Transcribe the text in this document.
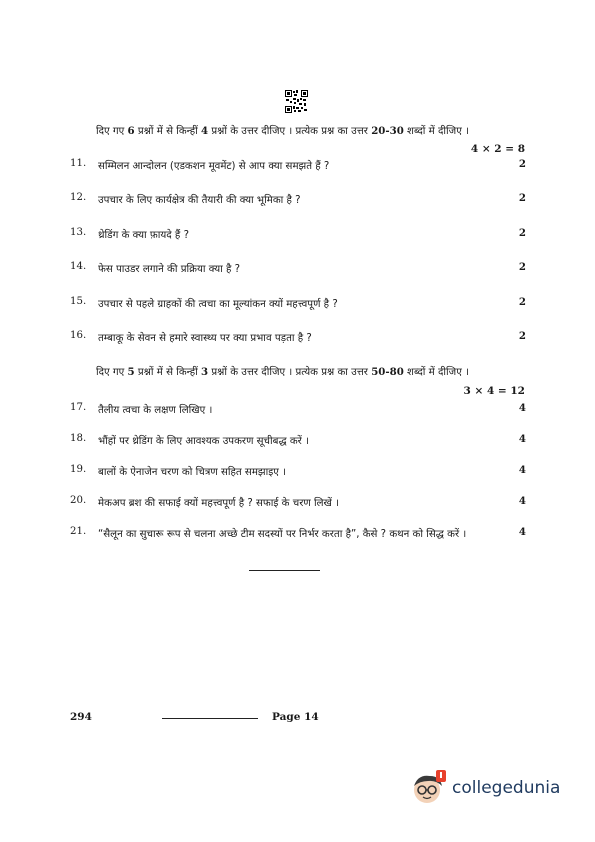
दिए गए 6 प्रश्नों में से किन्हीं 4 प्रश्नों के उत्तर दीजिए । प्रत्येक प्रश्न का उत्तर 20-30 शब्दों में दीजिए ।
4 × 2 = 8
11.	सम्मिलन आन्दोलन (एडकशन मूवमेंट) से आप क्या समझते हैं ?	2
12.	उपचार के लिए कार्यक्षेत्र की तैयारी की क्या भूमिका है ?	2
13.	थ्रेडिंग के क्या फ़ायदे हैं ?	2
14.	फेस पाउडर लगाने की प्रक्रिया क्या है ?	2
15.	उपचार से पहले ग्राहकों की त्वचा का मूल्यांकन क्यों महत्त्वपूर्ण है ?	2
16.	तम्बाकू के सेवन से हमारे स्वास्थ्य पर क्या प्रभाव पड़ता है ?	2
दिए गए 5 प्रश्नों में से किन्हीं 3 प्रश्नों के उत्तर दीजिए । प्रत्येक प्रश्न का उत्तर 50-80 शब्दों में दीजिए ।
3 × 4 = 12
17.	तैलीय त्वचा के लक्षण लिखिए ।	4
18.	भौंहों पर थ्रेडिंग के लिए आवश्यक उपकरण सूचीबद्ध करें ।	4
19.	बालों के ऐनाजेन चरण को चित्रण सहित समझाइए ।	4
20.	मेकअप ब्रश की सफाई क्यों महत्त्वपूर्ण है ? सफाई के चरण लिखें ।	4
21.	“सैलून का सुचारू रूप से चलना अच्छे टीम सदस्यों पर निर्भर करता है”, कैसे ? कथन को सिद्ध करें ।	4
294	Page 14
collegedunia
